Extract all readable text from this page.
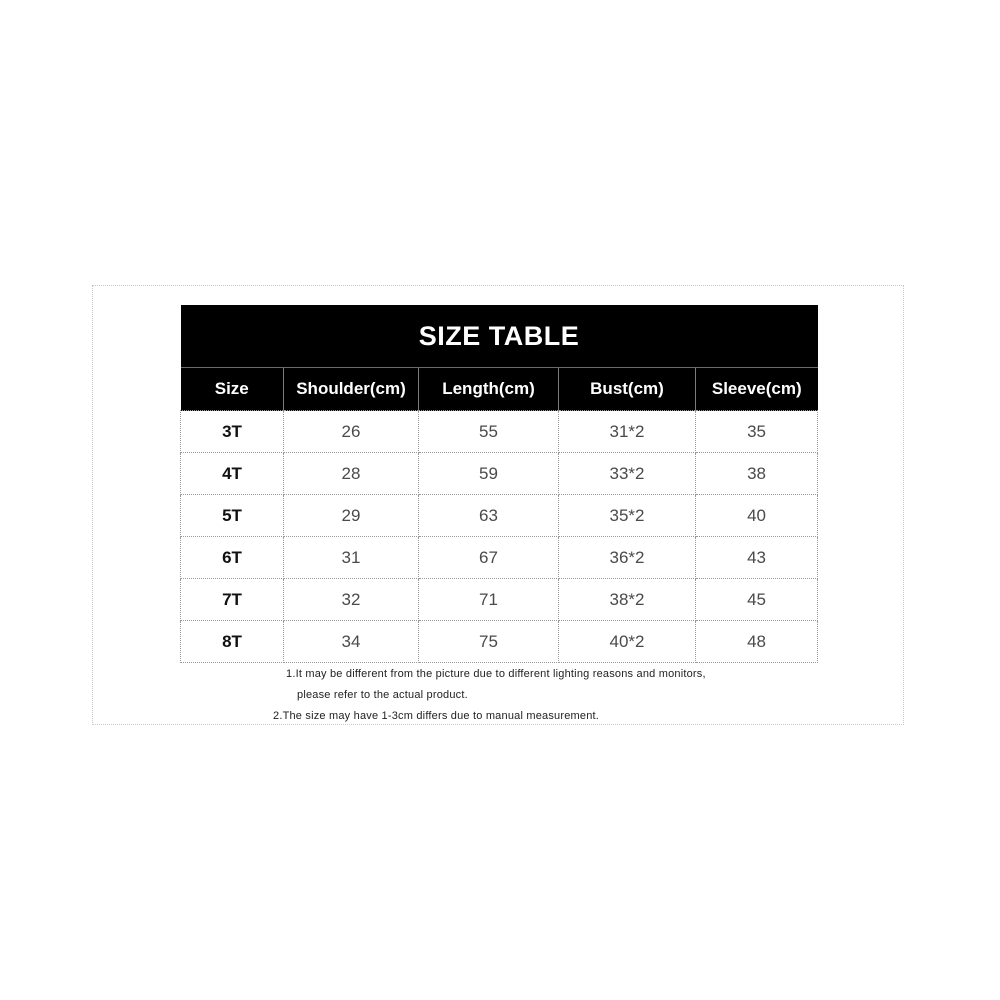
SIZE TABLE				
Size	Shoulder(cm)	Length(cm)	Bust(cm)	Sleeve(cm)
3T	26	55	31*2	35
4T	28	59	33*2	38
5T	29	63	35*2	40
6T	31	67	36*2	43
7T	32	71	38*2	45
8T	34	75	40*2	48
1.It may be different from the picture due to different lighting reasons and monitors,
please refer to the actual product.
2.The size may have 1-3cm differs due to manual measurement.
